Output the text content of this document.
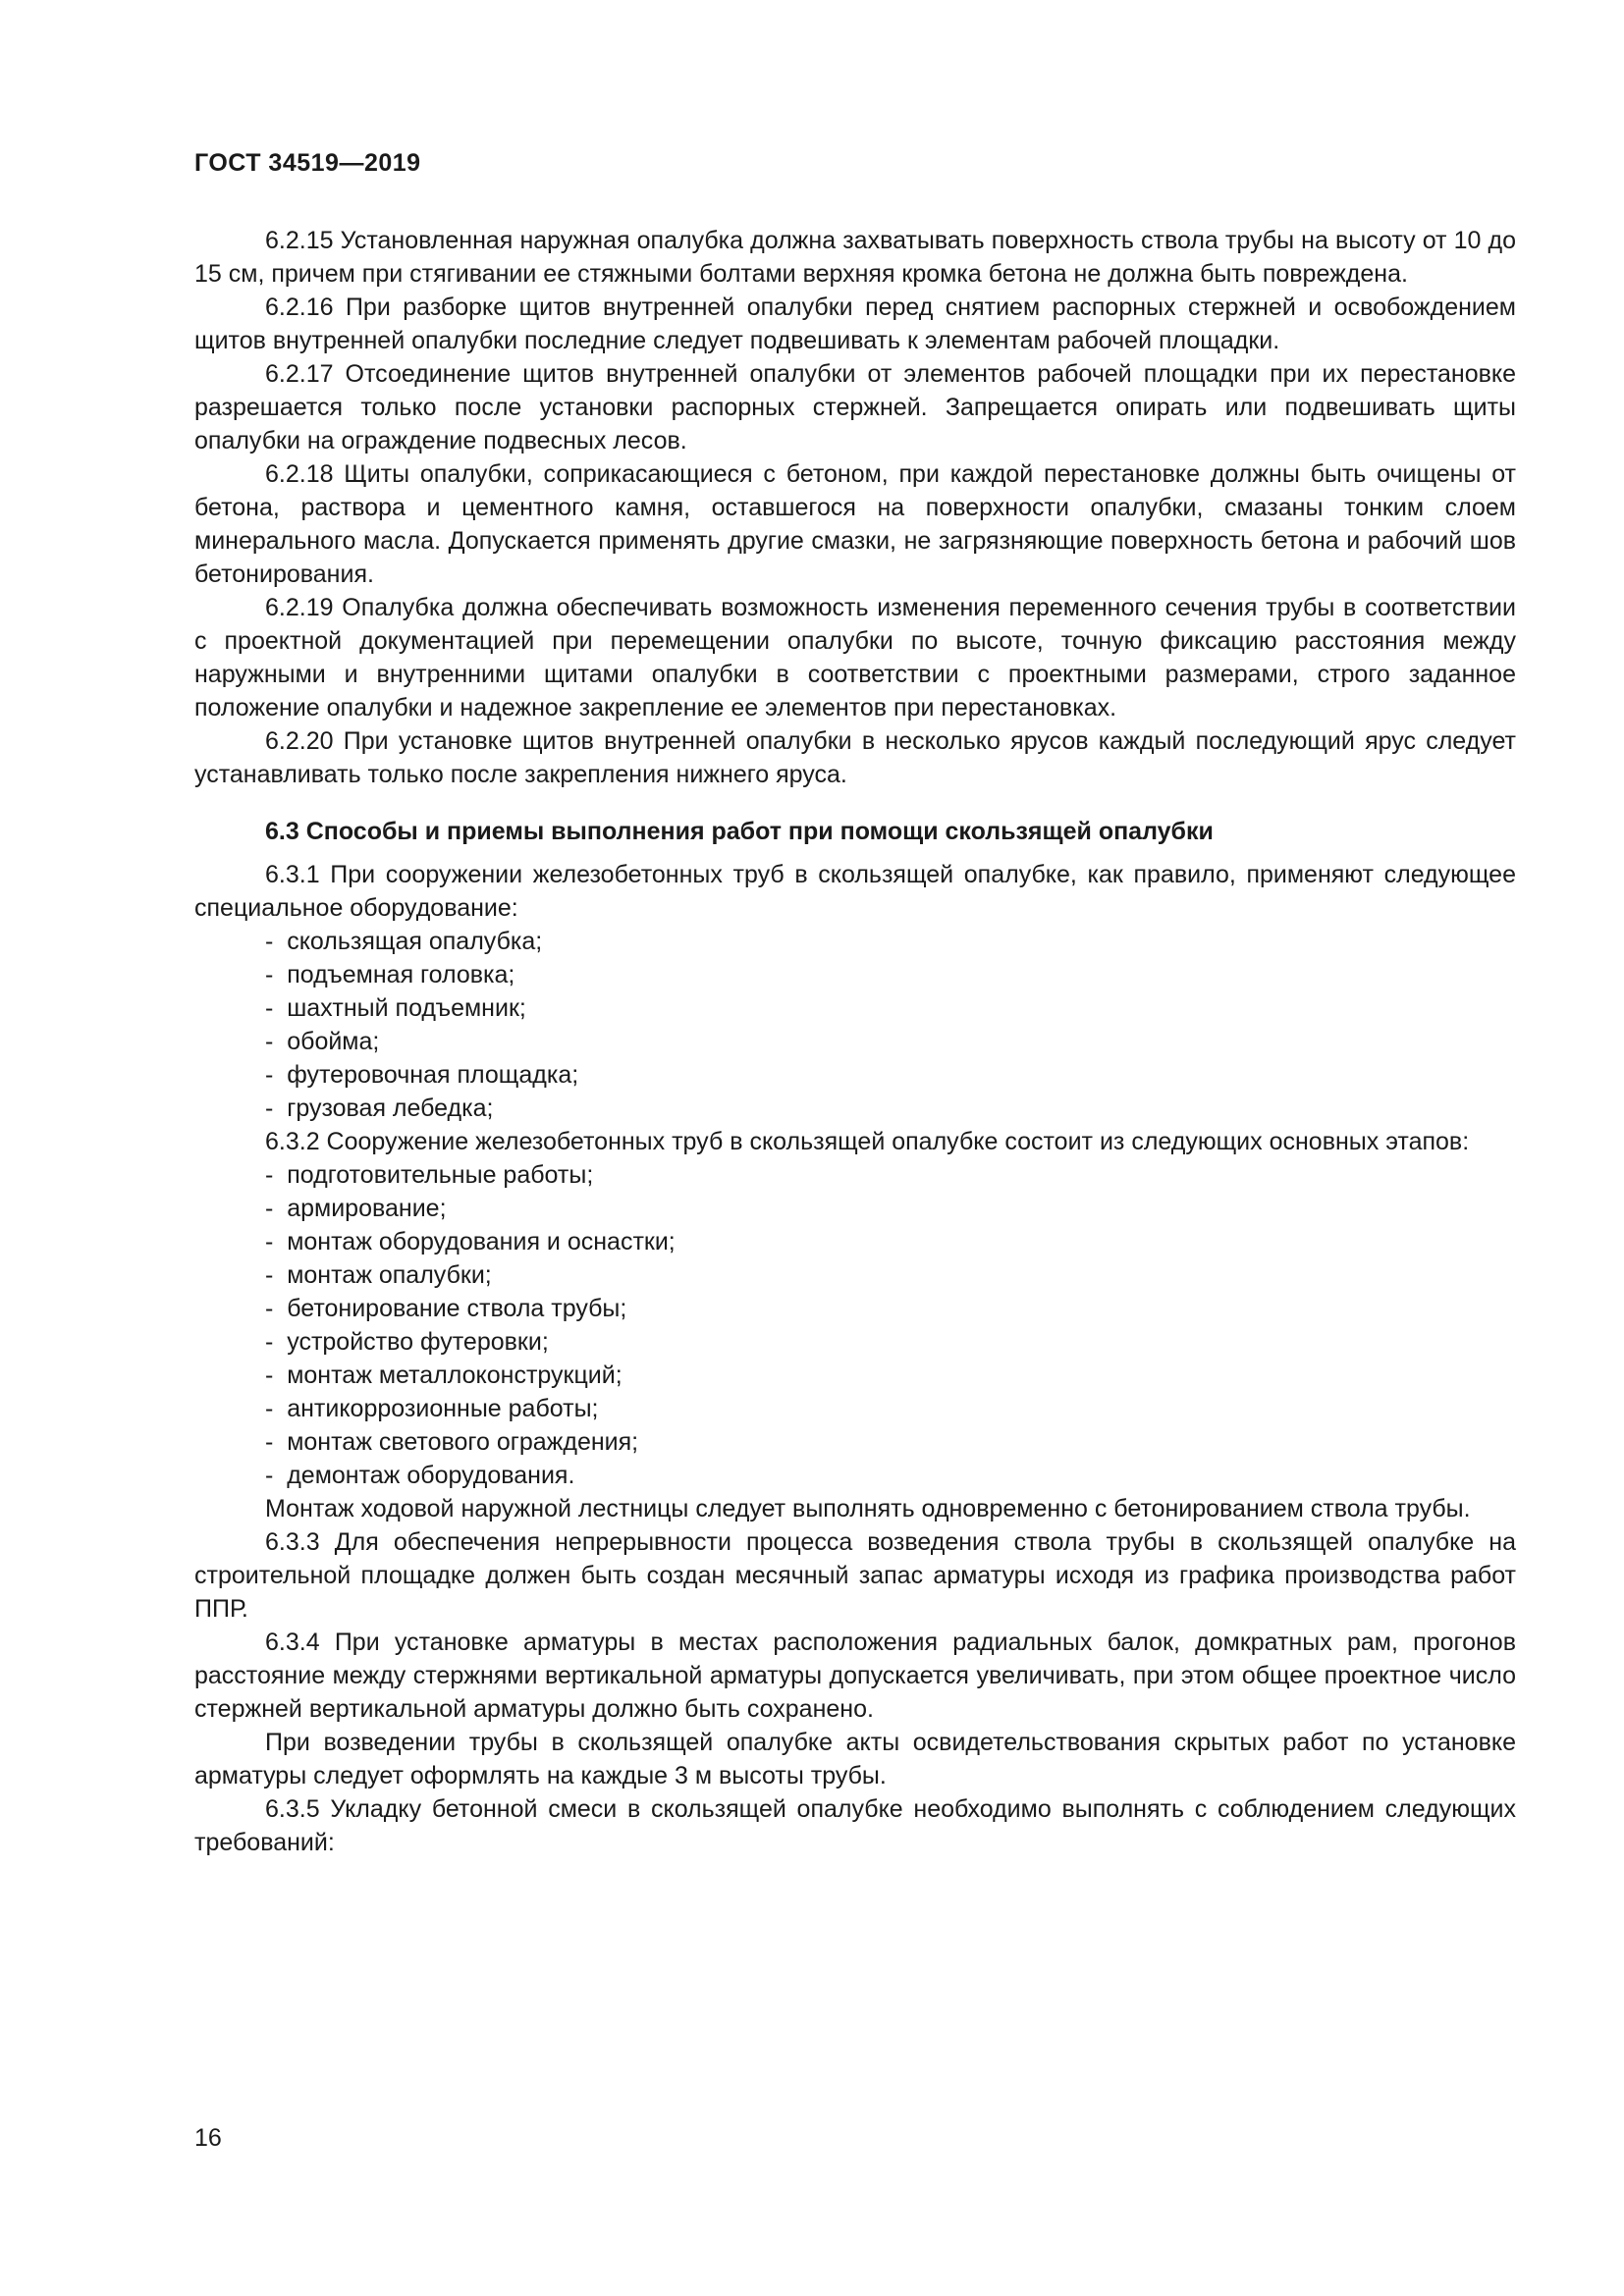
ГОСТ 34519—2019

6.2.15 Установленная наружная опалубка должна захватывать поверхность ствола трубы на высоту от 10 до 15 см, причем при стягивании ее стяжными болтами верхняя кромка бетона не должна быть повреждена.

6.2.16 При разборке щитов внутренней опалубки перед снятием распорных стержней и освобождением щитов внутренней опалубки последние следует подвешивать к элементам рабочей площадки.

6.2.17 Отсоединение щитов внутренней опалубки от элементов рабочей площадки при их перестановке разрешается только после установки распорных стержней. Запрещается опирать или подвешивать щиты опалубки на ограждение подвесных лесов.

6.2.18 Щиты опалубки, соприкасающиеся с бетоном, при каждой перестановке должны быть очищены от бетона, раствора и цементного камня, оставшегося на поверхности опалубки, смазаны тонким слоем минерального масла. Допускается применять другие смазки, не загрязняющие поверхность бетона и рабочий шов бетонирования.

6.2.19 Опалубка должна обеспечивать возможность изменения переменного сечения трубы в соответствии с проектной документацией при перемещении опалубки по высоте, точную фиксацию расстояния между наружными и внутренними щитами опалубки в соответствии с проектными размерами, строго заданное положение опалубки и надежное закрепление ее элементов при перестановках.

6.2.20 При установке щитов внутренней опалубки в несколько ярусов каждый последующий ярус следует устанавливать только после закрепления нижнего яруса.

6.3 Способы и приемы выполнения работ при помощи скользящей опалубки

6.3.1 При сооружении железобетонных труб в скользящей опалубке, как правило, применяют следующее специальное оборудование:

-  скользящая опалубка;
-  подъемная головка;
-  шахтный подъемник;
-  обойма;
-  футеровочная площадка;
-  грузовая лебедка;

6.3.2 Сооружение железобетонных труб в скользящей опалубке состоит из следующих основных этапов:

-  подготовительные работы;
-  армирование;
-  монтаж оборудования и оснастки;
-  монтаж опалубки;
-  бетонирование ствола трубы;
-  устройство футеровки;
-  монтаж металлоконструкций;
-  антикоррозионные работы;
-  монтаж светового ограждения;
-  демонтаж оборудования.

Монтаж ходовой наружной лестницы следует выполнять одновременно с бетонированием ствола трубы.

6.3.3 Для обеспечения непрерывности процесса возведения ствола трубы в скользящей опалубке на строительной площадке должен быть создан месячный запас арматуры исходя из графика производства работ ППР.

6.3.4 При установке арматуры в местах расположения радиальных балок, домкратных рам, прогонов расстояние между стержнями вертикальной арматуры допускается увеличивать, при этом общее проектное число стержней вертикальной арматуры должно быть сохранено.

При возведении трубы в скользящей опалубке акты освидетельствования скрытых работ по установке арматуры следует оформлять на каждые 3 м высоты трубы.

6.3.5 Укладку бетонной смеси в скользящей опалубке необходимо выполнять с соблюдением следующих требований:

16
